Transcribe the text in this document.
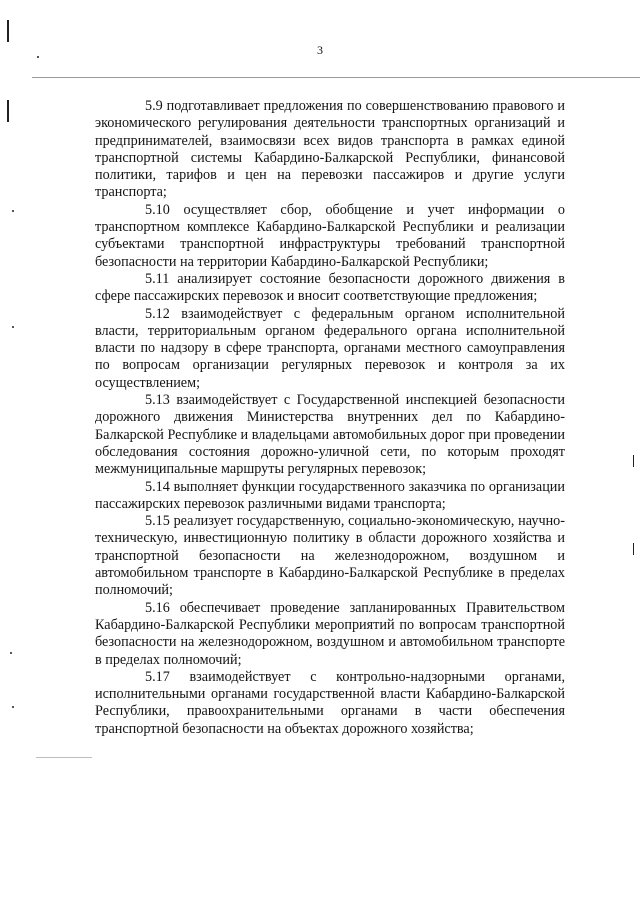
3

5.9 подготавливает предложения по совершенствованию правового и экономического регулирования деятельности транспортных организаций и предпринимателей, взаимосвязи всех видов транспорта в рамках единой транспортной системы Кабардино-Балкарской Республики, финансовой политики, тарифов и цен на перевозки пассажиров и другие услуги транспорта;

5.10 осуществляет сбор, обобщение и учет информации о транспортном комплексе Кабардино-Балкарской Республики и реализации субъектами транспортной инфраструктуры требований транспортной безопасности на территории Кабардино-Балкарской Республики;

5.11 анализирует состояние безопасности дорожного движения в сфере пассажирских перевозок и вносит соответствующие предложения;

5.12 взаимодействует с федеральным органом исполнительной власти, территориальным органом федерального органа исполнительной власти по надзору в сфере транспорта, органами местного самоуправления по вопросам организации регулярных перевозок и контроля за их осуществлением;

5.13 взаимодействует с Государственной инспекцией безопасности дорожного движения Министерства внутренних дел по Кабардино-Балкарской Республике и владельцами автомобильных дорог при проведении обследования состояния дорожно-уличной сети, по которым проходят межмуниципальные маршруты регулярных перевозок;

5.14 выполняет функции государственного заказчика по организации пассажирских перевозок различными видами транспорта;

5.15 реализует государственную, социально-экономическую, научно-техническую, инвестиционную политику в области дорожного хозяйства и транспортной безопасности на железнодорожном, воздушном и автомобильном транспорте в Кабардино-Балкарской Республике в пределах полномочий;

5.16 обеспечивает проведение запланированных Правительством Кабардино-Балкарской Республики мероприятий по вопросам транспортной безопасности на железнодорожном, воздушном и автомобильном транспорте в пределах полномочий;

5.17 взаимодействует с контрольно-надзорными органами, исполнительными органами государственной власти Кабардино-Балкарской Республики, правоохранительными органами в части обеспечения транспортной безопасности на объектах дорожного хозяйства;
